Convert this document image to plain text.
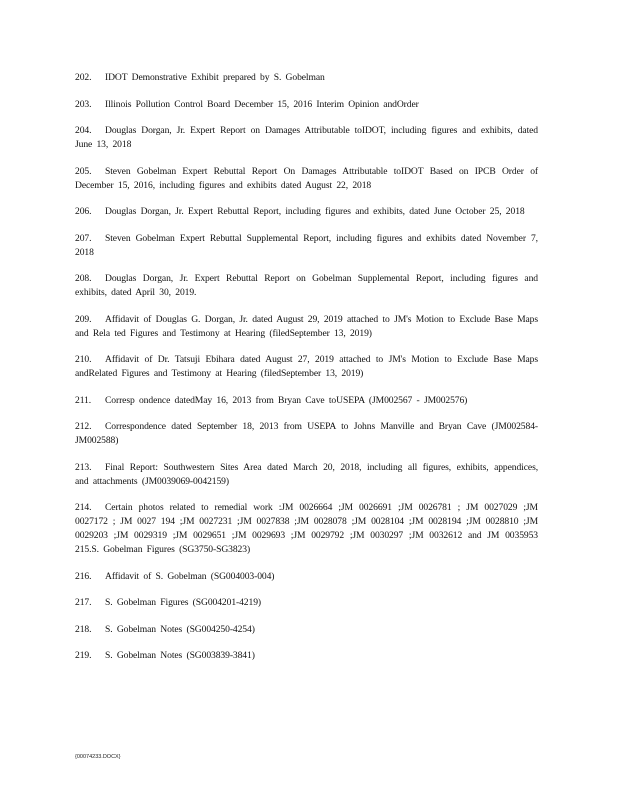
202. IDOT Demonstrative Exhibit prepared by S. Gobelman

203. Illinois Pollution Control Board December 15, 2016 Interim Opinion andOrder

204. Douglas Dorgan, Jr. Expert Report on Damages Attributable toIDOT, including figures and exhibits, dated June 13, 2018

205. Steven Gobelman Expert Rebuttal Report On Damages Attributable toIDOT Based on IPCB Order of December 15, 2016, including figures and exhibits dated August 22, 2018

206. Douglas Dorgan, Jr. Expert Rebuttal Report, including figures and exhibits, dated June October 25, 2018

207. Steven Gobelman Expert Rebuttal Supplemental Report, including figures and exhibits dated November 7, 2018

208. Douglas Dorgan, Jr. Expert Rebuttal Report on Gobelman Supplemental Report, including figures and exhibits, dated April 30, 2019.

209. Affidavit of Douglas G. Dorgan, Jr. dated August 29, 2019 attached to JM's Motion to Exclude Base Maps and Rela ted Figures and Testimony at Hearing (filedSeptember 13, 2019)

210. Affidavit of Dr. Tatsuji Ebihara dated August 27, 2019 attached to JM's Motion to Exclude Base Maps andRelated Figures and Testimony at Hearing (filedSeptember 13, 2019)

211. Corresp ondence datedMay 16, 2013 from Bryan Cave toUSEPA (JM002567 - JM002576)

212. Correspondence dated September 18, 2013 from USEPA to Johns Manville and Bryan Cave (JM002584-JM002588)

213. Final Report: Southwestern Sites Area dated March 20, 2018, including all figures, exhibits, appendices, and attachments (JM0039069-0042159)

214. Certain photos related to remedial work :JM 0026664 ;JM 0026691 ;JM 0026781 ; JM 0027029 ;JM 0027172 ; JM 0027 194 ;JM 0027231 ;JM 0027838 ;JM 0028078 ;JM 0028104 ;JM 0028194 ;JM 0028810 ;JM 0029203 ;JM 0029319 ;JM 0029651 ;JM 0029693 ;JM 0029792 ;JM 0030297 ;JM 0032612 and JM 0035953 215.S. Gobelman Figures (SG3750-SG3823)

216. Affidavit of S. Gobelman (SG004003-004)

217. S. Gobelman Figures (SG004201-4219)

218. S. Gobelman Notes (SG004250-4254)

219. S. Gobelman Notes (SG003839-3841)

{00074233.DOCX}
